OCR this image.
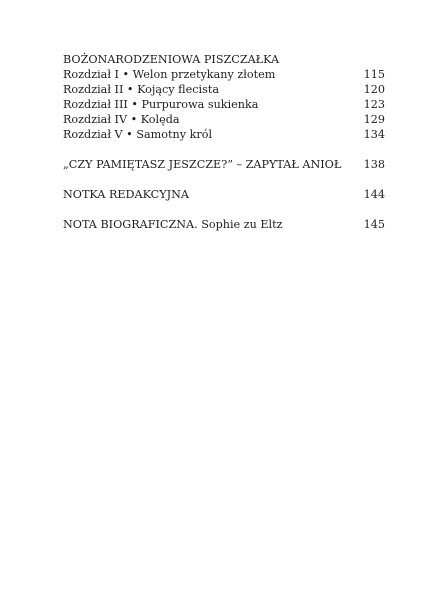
BOŻONARODZENIOWA PISZCZAŁKA
Rozdział I • Welon przetykany złotem	115
Rozdział II • Kojący flecista	120
Rozdział III • Purpurowa sukienka	123
Rozdział IV • Kolęda	129
Rozdział V • Samotny król	134
„CZY PAMIĘTASZ JESZCZE?” – ZAPYTAŁ ANIOŁ	138
NOTKA REDAKCYJNA	144
NOTA BIOGRAFICZNA. Sophie zu Eltz	145
